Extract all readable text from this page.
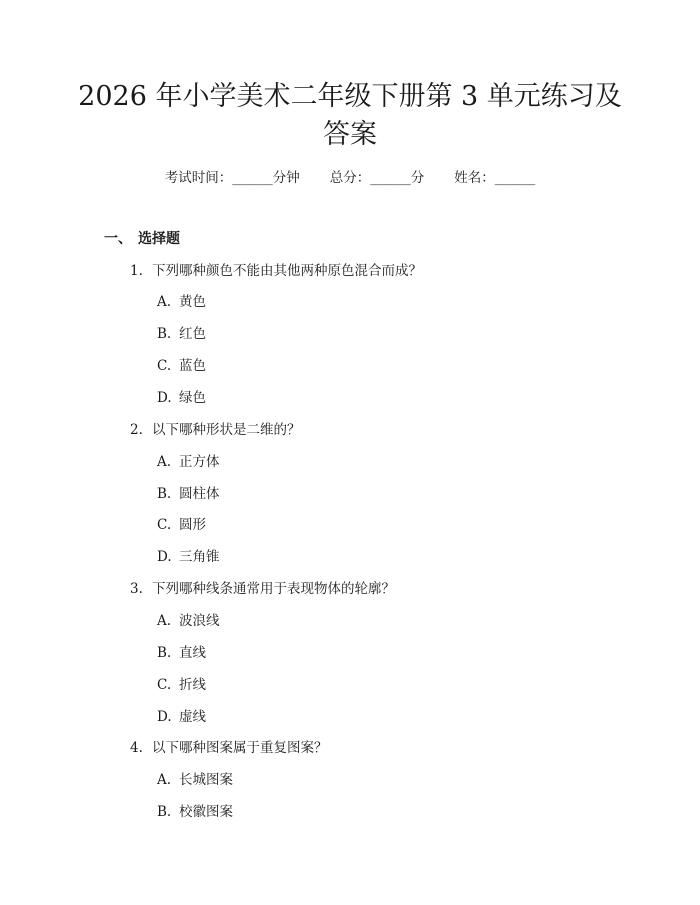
2026 年小学美术二年级下册第 3 单元练习及
答案
考试时间：______分钟 总分：______分 姓名：______
一、 选择题
1. 下列哪种颜色不能由其他两种原色混合而成？
A. 黄色
B. 红色
C. 蓝色
D. 绿色
2. 以下哪种形状是二维的？
A. 正方体
B. 圆柱体
C. 圆形
D. 三角锥
3. 下列哪种线条通常用于表现物体的轮廓？
A. 波浪线
B. 直线
C. 折线
D. 虚线
4. 以下哪种图案属于重复图案？
A. 长城图案
B. 校徽图案
